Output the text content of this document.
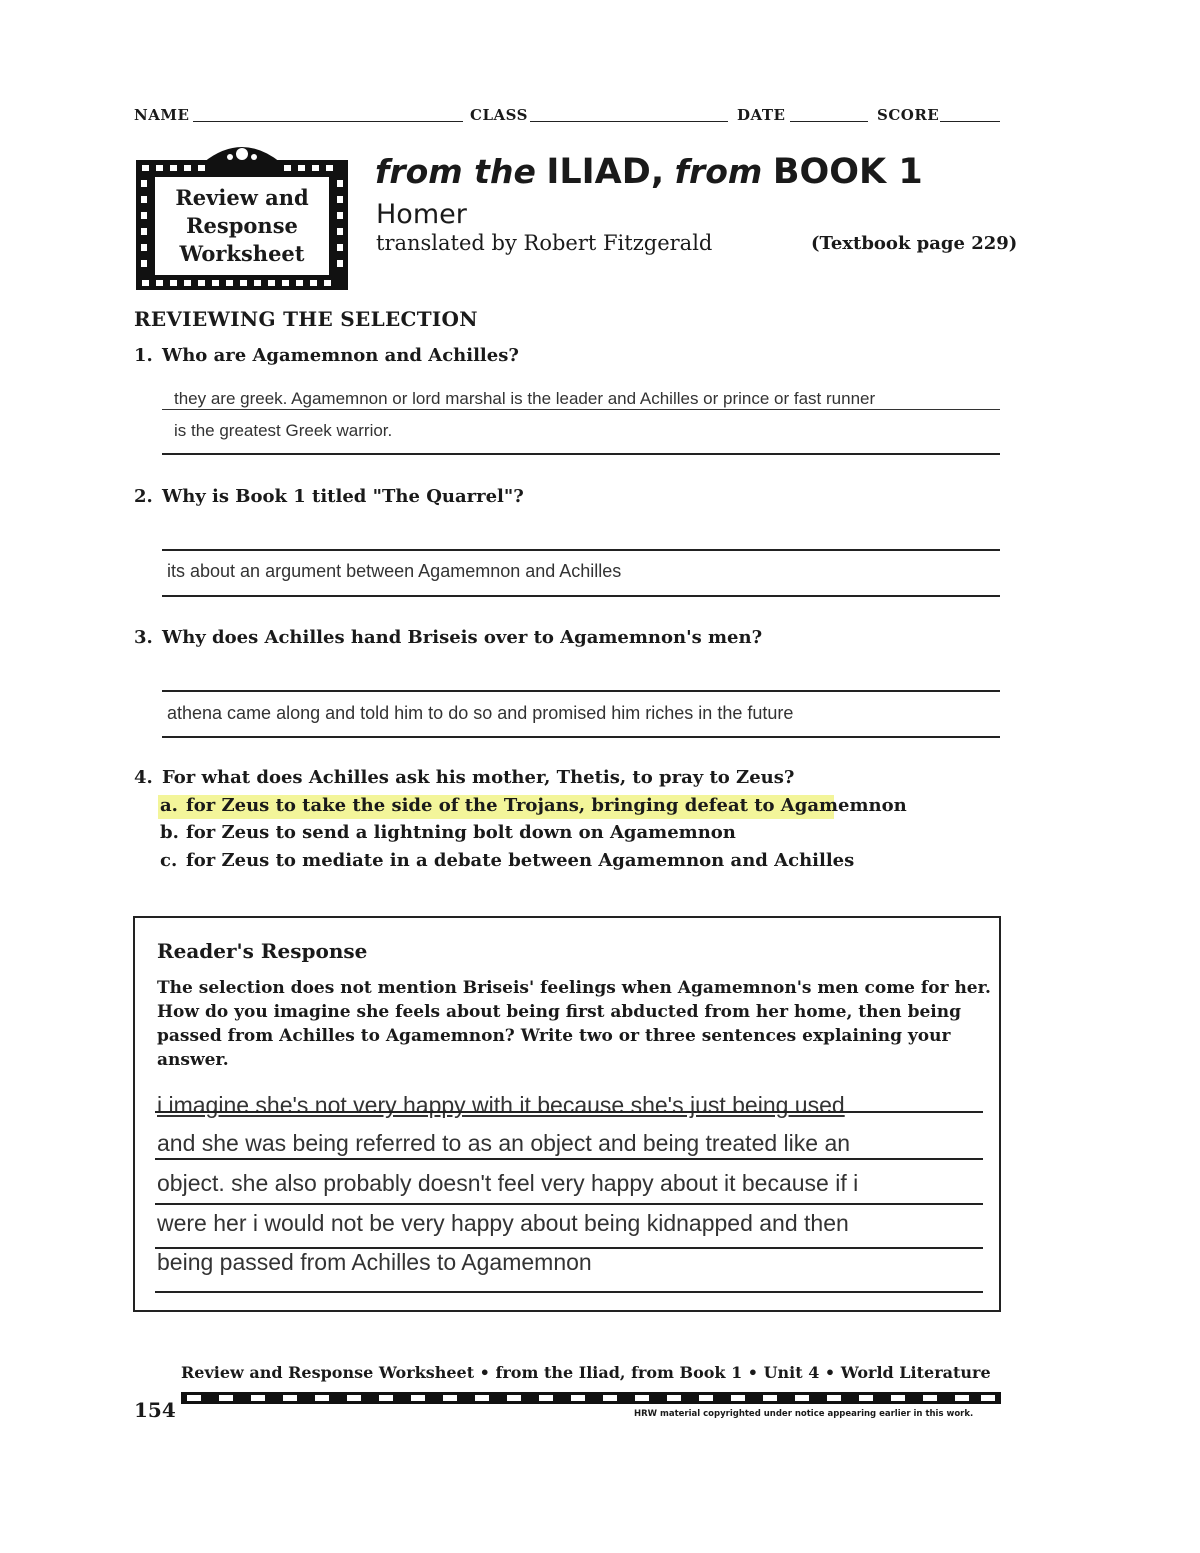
NAME	CLASS	DATE	SCORE
Review and
Response
Worksheet
from the ILIAD, from BOOK 1
Homer
translated by Robert Fitzgerald	(Textbook page 229)
REVIEWING THE SELECTION
1. Who are Agamemnon and Achilles?
they are greek. Agamemnon or lord marshal is the leader and Achilles or prince or fast runner
is the greatest Greek warrior.
2. Why is Book 1 titled "The Quarrel"?
its about an argument between Agamemnon and Achilles
3. Why does Achilles hand Briseis over to Agamemnon's men?
athena came along and told him to do so and promised him riches in the future
4. For what does Achilles ask his mother, Thetis, to pray to Zeus?
a. for Zeus to take the side of the Trojans, bringing defeat to Agamemnon
b. for Zeus to send a lightning bolt down on Agamemnon
c. for Zeus to mediate in a debate between Agamemnon and Achilles
Reader's Response
The selection does not mention Briseis' feelings when Agamemnon's men come for her.
How do you imagine she feels about being first abducted from her home, then being
passed from Achilles to Agamemnon? Write two or three sentences explaining your
answer.
i imagine she's not very happy with it because she's just being used
and she was being referred to as an object and being treated like an
object. she also probably doesn't feel very happy about it because if i
were her i would not be very happy about being kidnapped and then
being passed from Achilles to Agamemnon
Review and Response Worksheet • from the Iliad, from Book 1 • Unit 4 • World Literature
154	HRW material copyrighted under notice appearing earlier in this work.
